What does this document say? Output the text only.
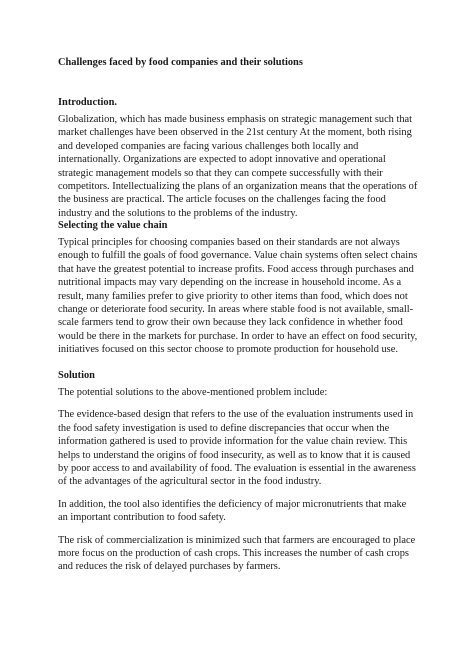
Challenges faced by food companies and their solutions

Introduction.

Globalization, which has made business emphasis on strategic management such that market challenges have been observed in the 21st century At the moment, both rising and developed companies are facing various challenges both locally and internationally. Organizations are expected to adopt innovative and operational strategic management models so that they can compete successfully with their competitors. Intellectualizing the plans of an organization means that the operations of the business are practical. The article focuses on the challenges facing the food industry and the solutions to the problems of the industry.

Selecting the value chain

Typical principles for choosing companies based on their standards are not always enough to fulfill the goals of food governance. Value chain systems often select chains that have the greatest potential to increase profits. Food access through purchases and nutritional impacts may vary depending on the increase in household income. As a result, many families prefer to give priority to other items than food, which does not change or deteriorate food security. In areas where stable food is not available, small-scale farmers tend to grow their own because they lack confidence in whether food would be there in the markets for purchase. In order to have an effect on food security, initiatives focused on this sector choose to promote production for household use.

Solution

The potential solutions to the above-mentioned problem include:

The evidence-based design that refers to the use of the evaluation instruments used in the food safety investigation is used to define discrepancies that occur when the information gathered is used to provide information for the value chain review. This helps to understand the origins of food insecurity, as well as to know that it is caused by poor access to and availability of food. The evaluation is essential in the awareness of the advantages of the agricultural sector in the food industry.

In addition, the tool also identifies the deficiency of major micronutrients that make an important contribution to food safety.

The risk of commercialization is minimized such that farmers are encouraged to place more focus on the production of cash crops. This increases the number of cash crops and reduces the risk of delayed purchases by farmers.
